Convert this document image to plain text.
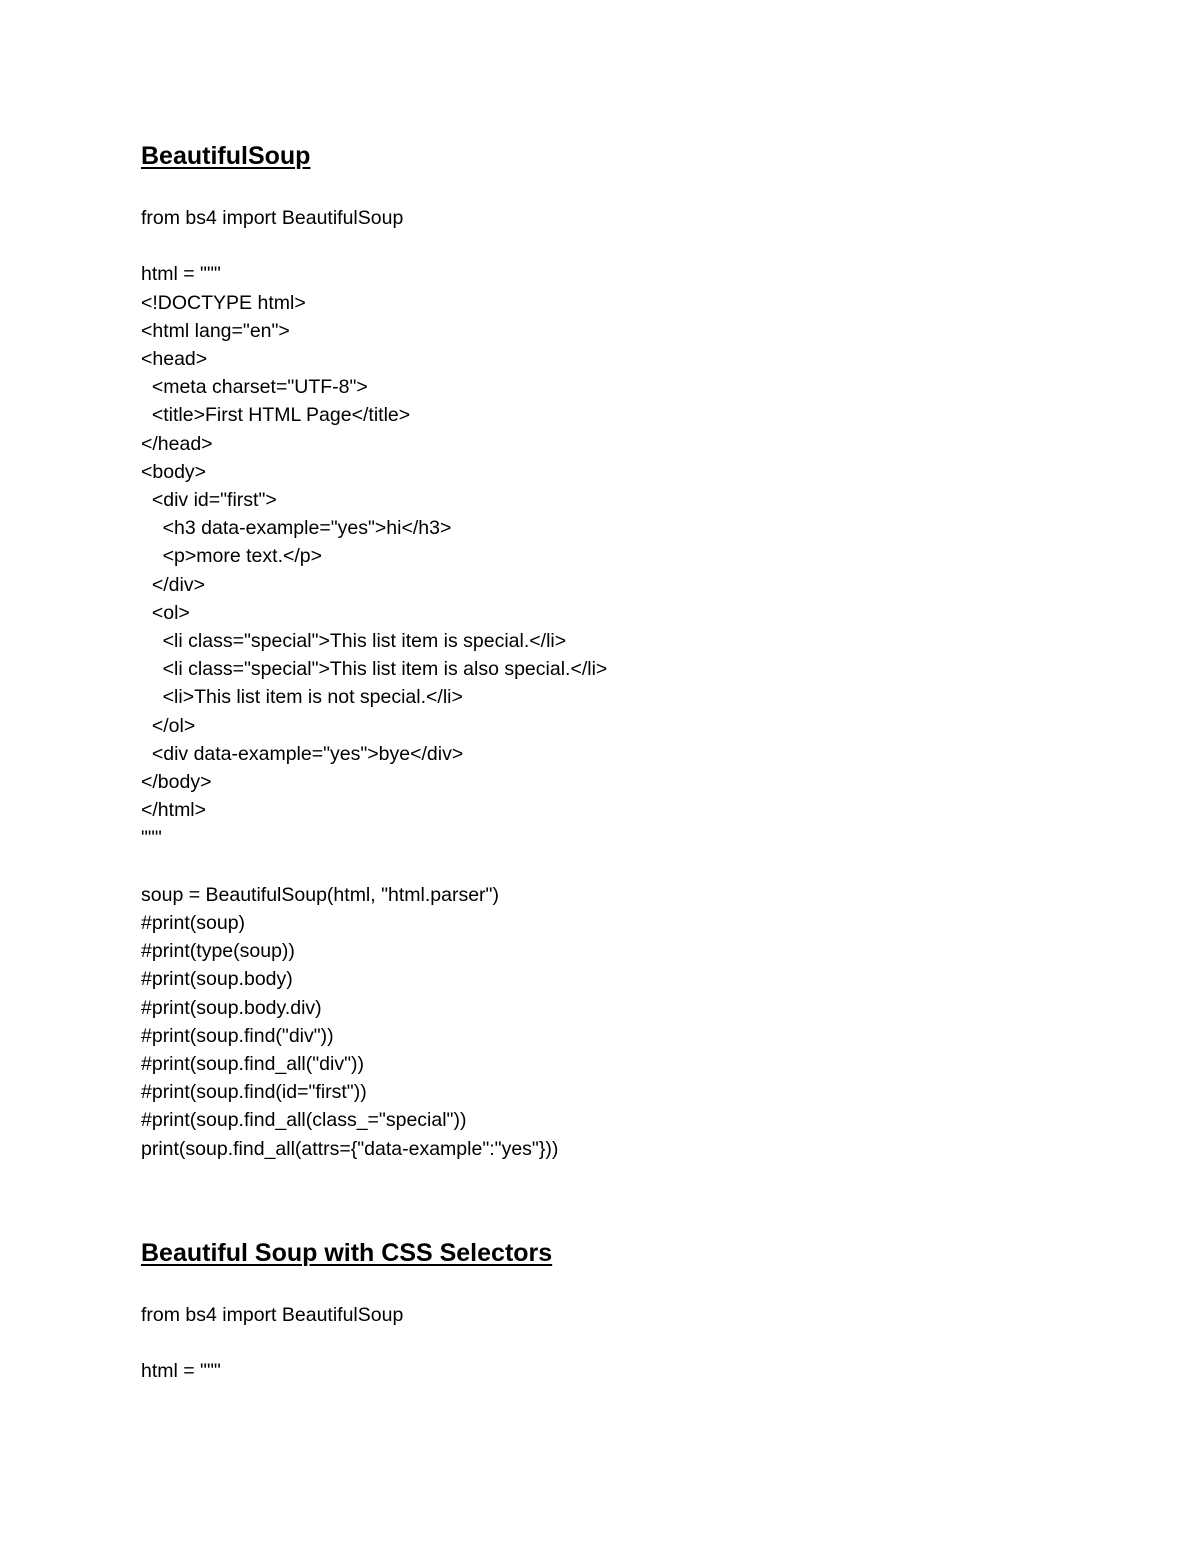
BeautifulSoup
from bs4 import BeautifulSoup
html = """
<!DOCTYPE html>
<html lang="en">
<head>
<meta charset="UTF-8">
<title>First HTML Page</title>
</head>
<body>
<div id="first">
<h3 data-example="yes">hi</h3>
<p>more text.</p>
</div>
<ol>
<li class="special">This list item is special.</li>
<li class="special">This list item is also special.</li>
<li>This list item is not special.</li>
</ol>
<div data-example="yes">bye</div>
</body>
</html>
"""
soup = BeautifulSoup(html, "html.parser")
#print(soup)
#print(type(soup))
#print(soup.body)
#print(soup.body.div)
#print(soup.find("div"))
#print(soup.find_all("div"))
#print(soup.find(id="first"))
#print(soup.find_all(class_="special"))
print(soup.find_all(attrs={"data-example":"yes"}))
Beautiful Soup with CSS Selectors
from bs4 import BeautifulSoup
html = """
